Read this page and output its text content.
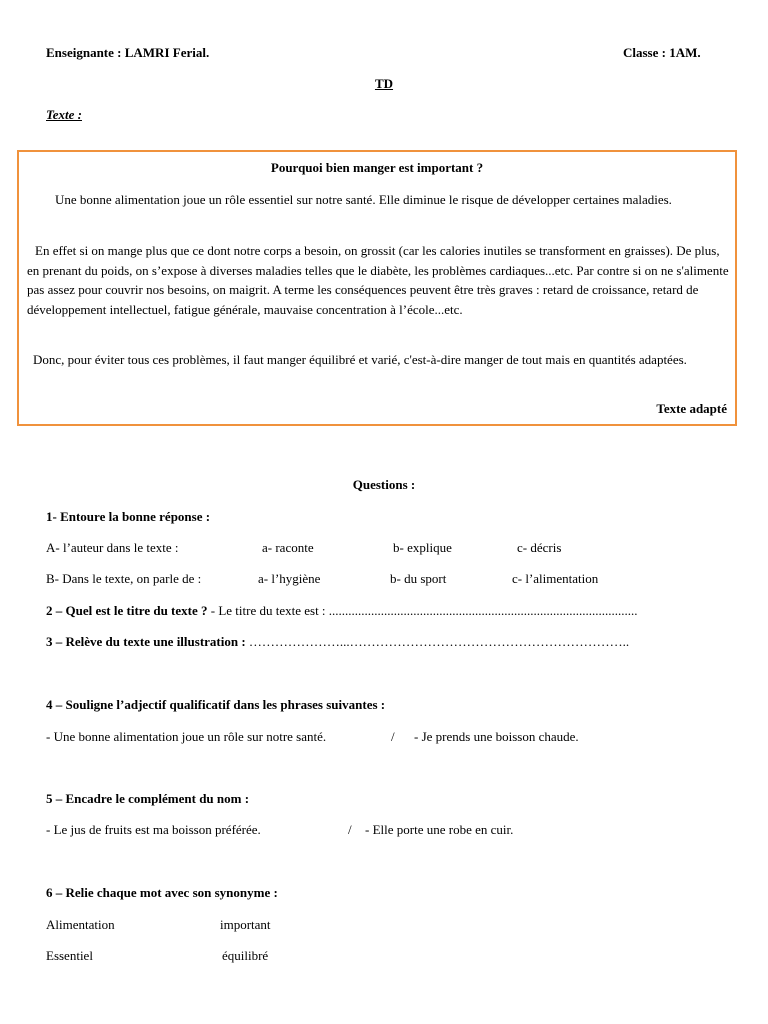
Enseignante : LAMRI Ferial.	Classe : 1AM.
TD
Texte :
Pourquoi bien manger est important ?
Une bonne alimentation joue un rôle essentiel sur notre santé. Elle diminue le risque de développer certaines maladies.
En effet si on mange plus que ce dont notre corps a besoin, on grossit (car les calories inutiles se transforment en graisses). De plus, en prenant du poids, on s’expose à diverses maladies telles que le diabète, les problèmes cardiaques...etc. Par contre si on ne s'alimente pas assez pour couvrir nos besoins, on maigrit. A terme les conséquences peuvent être très graves : retard de croissance, retard de développement intellectuel, fatigue générale, mauvaise concentration à l’école...etc.
Donc, pour éviter tous ces problèmes, il faut manger équilibré et varié, c'est-à-dire manger de tout mais en quantités adaptées.
Texte adapté
Questions :
1- Entoure la bonne réponse :
A- l’auteur dans le texte :	a- raconte	b- explique	c- décris
B- Dans le texte, on parle de :	a- l’hygiène	b- du sport	c- l’alimentation
2 – Quel est le titre du texte ? - Le titre du texte est : ...............................................................................................
3 – Relève du texte une illustration : …………………...………………………………………………………..
4 – Souligne l’adjectif qualificatif dans les phrases suivantes :
- Une bonne alimentation joue un rôle sur notre santé.	/ - Je prends une boisson chaude.
5 – Encadre le complément du nom :
- Le jus de fruits est ma boisson préférée.	/ - Elle porte une robe en cuir.
6 – Relie chaque mot avec son synonyme :
Alimentation	important
Essentiel	équilibré
